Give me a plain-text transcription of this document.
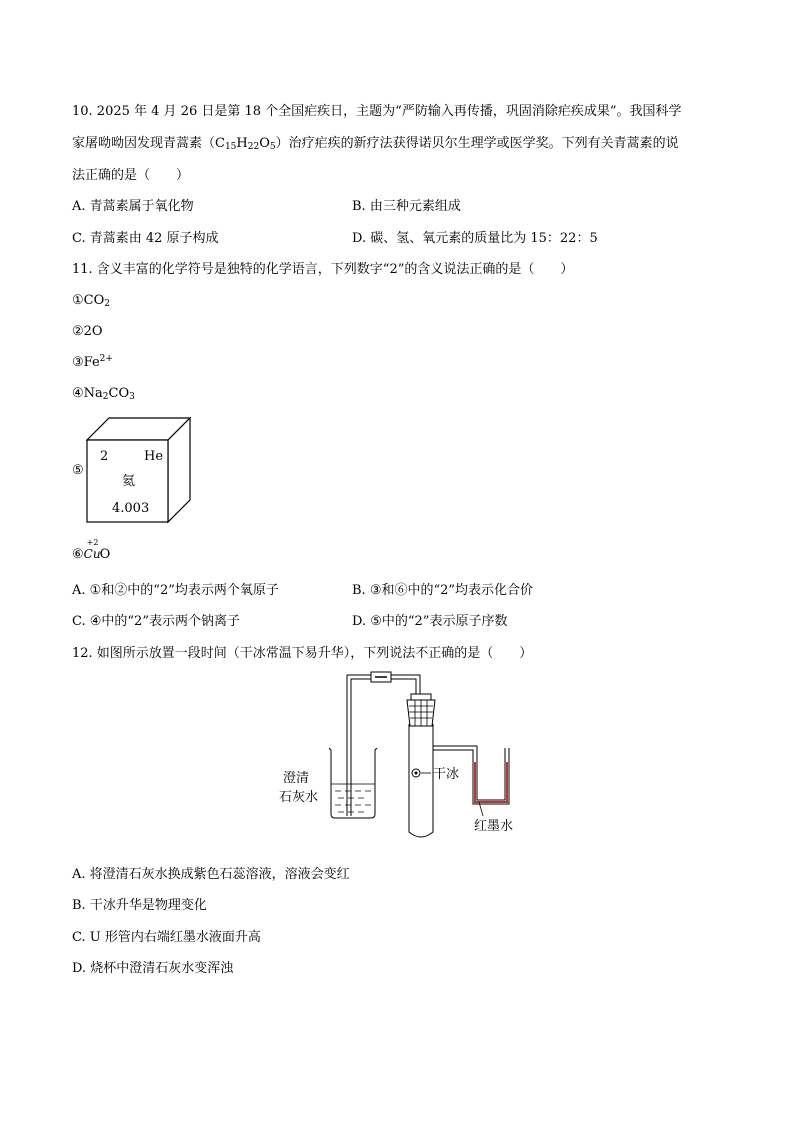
10. 2025 年 4 月 26 日是第 18 个全国疟疾日，主题为“严防输入再传播，巩固消除疟疾成果”。我国科学
家屠呦呦因发现青蒿素$(C_{15}H_{22}O_5)$治疗疟疾的新疗法获得诺贝尔生理学或医学奖。下列有关青蒿素的说
法正确的是（　　）
A. 青蒿素属于氧化物	B. 由三种元素组成
C. 青蒿素由 42 原子构成	D. 碳、氢、氧元素的质量比为 15：22：5
11. 含义丰富的化学符号是独特的化学语言，下列数字“2”的含义说法正确的是（　　）
$①CO_2$
②2O
$③Fe^{2+}$
$④Na_2CO_3$
⑤
2	He
氦
4.003
⑥
+2
CuO
A. ①和②中的“2”均表示两个氧原子	B. ③和⑥中的“2”均表示化合价
C. ④中的“2”表示两个钠离子	D. ⑤中的“2”表示原子序数
12. 如图所示放置一段时间（干冰常温下易升华），下列说法不正确的是（　　）
澄清
石灰水
干冰
红墨水
A. 将澄清石灰水换成紫色石蕊溶液，溶液会变红
B. 干冰升华是物理变化
C. U 形管内右端红墨水液面升高
D. 烧杯中澄清石灰水变浑浊
